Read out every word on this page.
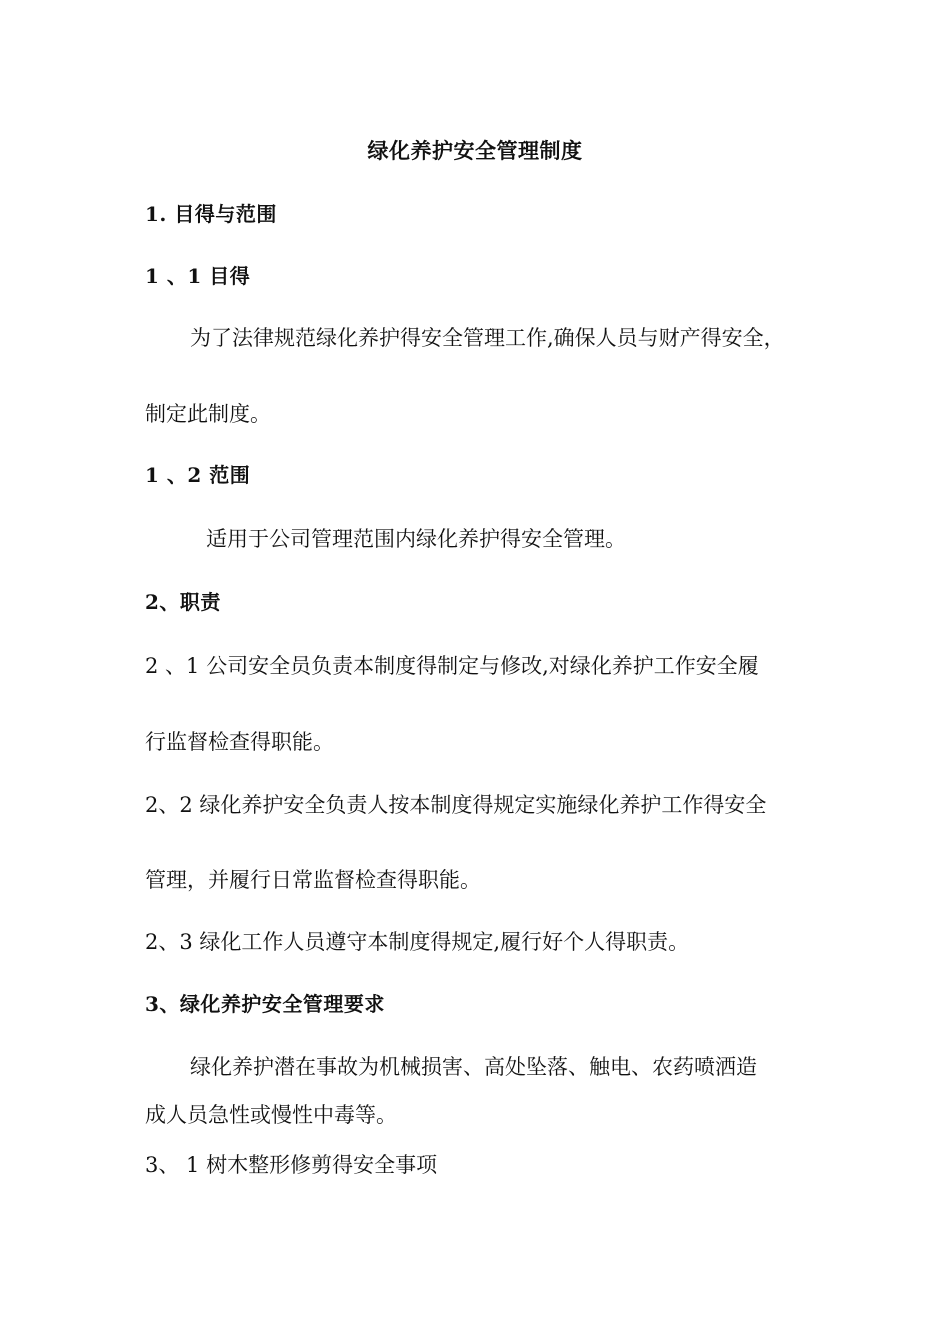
绿化养护安全管理制度
1. 目得与范围
1 、1 目得
为了法律规范绿化养护得安全管理工作,确保人员与财产得安全，
制定此制度。
1 、2 范围
适用于公司管理范围内绿化养护得安全管理。
2、职责
2 、1 公司安全员负责本制度得制定与修改,对绿化养护工作安全履
行监督检查得职能。
2、2 绿化养护安全负责人按本制度得规定实施绿化养护工作得安全
管理，并履行日常监督检查得职能。
2、3 绿化工作人员遵守本制度得规定,履行好个人得职责。
3、绿化养护安全管理要求
绿化养护潜在事故为机械损害、高处坠落、触电、农药喷洒造
成人员急性或慢性中毒等。
3、 1 树木整形修剪得安全事项
